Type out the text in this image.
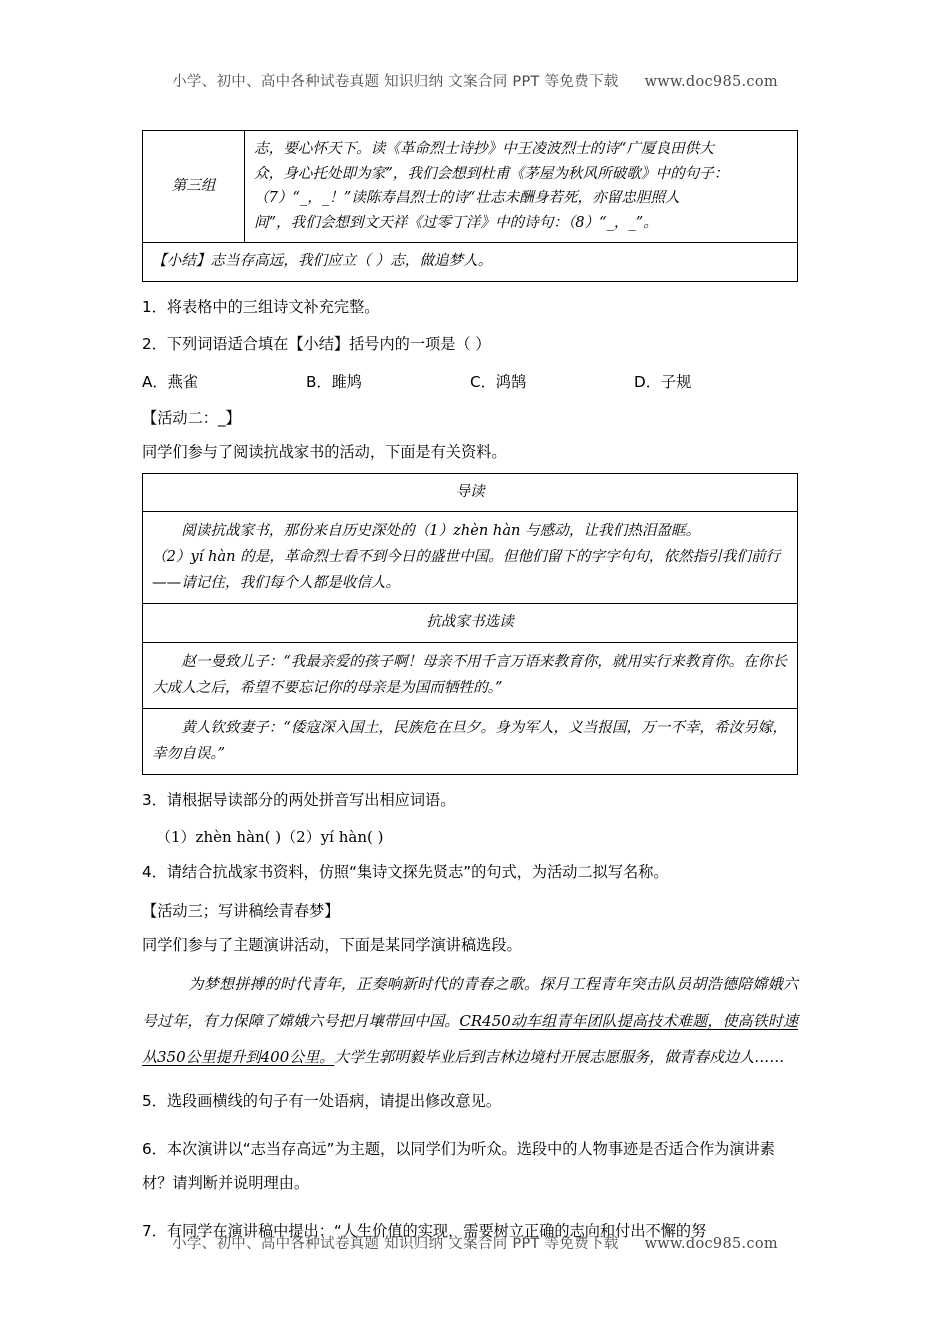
小学、初中、高中各种试卷真题 知识归纳 文案合同 PPT 等免费下载 www.doc985.com
第三组	

志，要心怀天下。读《革命烈士诗抄》中王凌波烈士的诗“广厦良田供大

众，身心托处即为家”，我们会想到杜甫《茅屋为秋风所破歌》中的句子：

（7）“_，_！”读陈寿昌烈士的诗“壮志未酬身若死，亦留忠胆照人

间”，我们会想到文天祥《过零丁洋》中的诗句：（8）“_，_”。

【小结】志当存高远，我们应立（ ）志，做追梦人。

1．将表格中的三组诗文补充完整。

2．下列词语适合填在【小结】括号内的一项是（ ）

A．燕雀	B．雎鸠	C．鸿鹄	D．子规

【活动二：_】

同学们参与了阅读抗战家书的活动，下面是有关资料。

导读

阅读抗战家书，那份来自历史深处的（1）zhèn hàn 与感动，让我们热泪盈眶。

（2）yí hàn 的是，革命烈士看不到今日的盛世中国。但他们留下的字字句句，依然指引我们前行——请记住，我们每个人都是收信人。

抗战家书选读

赵一曼致儿子：“我最亲爱的孩子啊！母亲不用千言万语来教育你，就用实行来教育你。在你长大成人之后，希望不要忘记你的母亲是为国而牺牲的。”

黄人钦致妻子：“倭寇深入国土，民族危在旦夕。身为军人，义当报国，万一不幸，希汝另嫁，幸勿自误。”

3．请根据导读部分的两处拼音写出相应词语。

（1）zhèn hàn( )（2）yí hàn( )

4．请结合抗战家书资料，仿照“集诗文探先贤志”的句式，为活动二拟写名称。

【活动三；写讲稿绘青春梦】

同学们参与了主题演讲活动，下面是某同学演讲稿选段。

为梦想拼搏的时代青年，正奏响新时代的青春之歌。探月工程青年突击队员胡浩德陪嫦娥六号过年，有力保障了嫦娥六号把月壤带回中国。CR450动车组青年团队提高技术难题，使高铁时速从350公里提升到400公里。大学生郭明毅毕业后到吉林边境村开展志愿服务，做青春戍边人……

5．选段画横线的句子有一处语病，请提出修改意见。

6．本次演讲以“志当存高远”为主题，以同学们为听众。选段中的人物事迹是否适合作为演讲素材？请判断并说明理由。

7．有同学在演讲稿中提出：“人生价值的实现，需要树立正确的志向和付出不懈的努

小学、初中、高中各种试卷真题 知识归纳 文案合同 PPT 等免费下载 www.doc985.com
